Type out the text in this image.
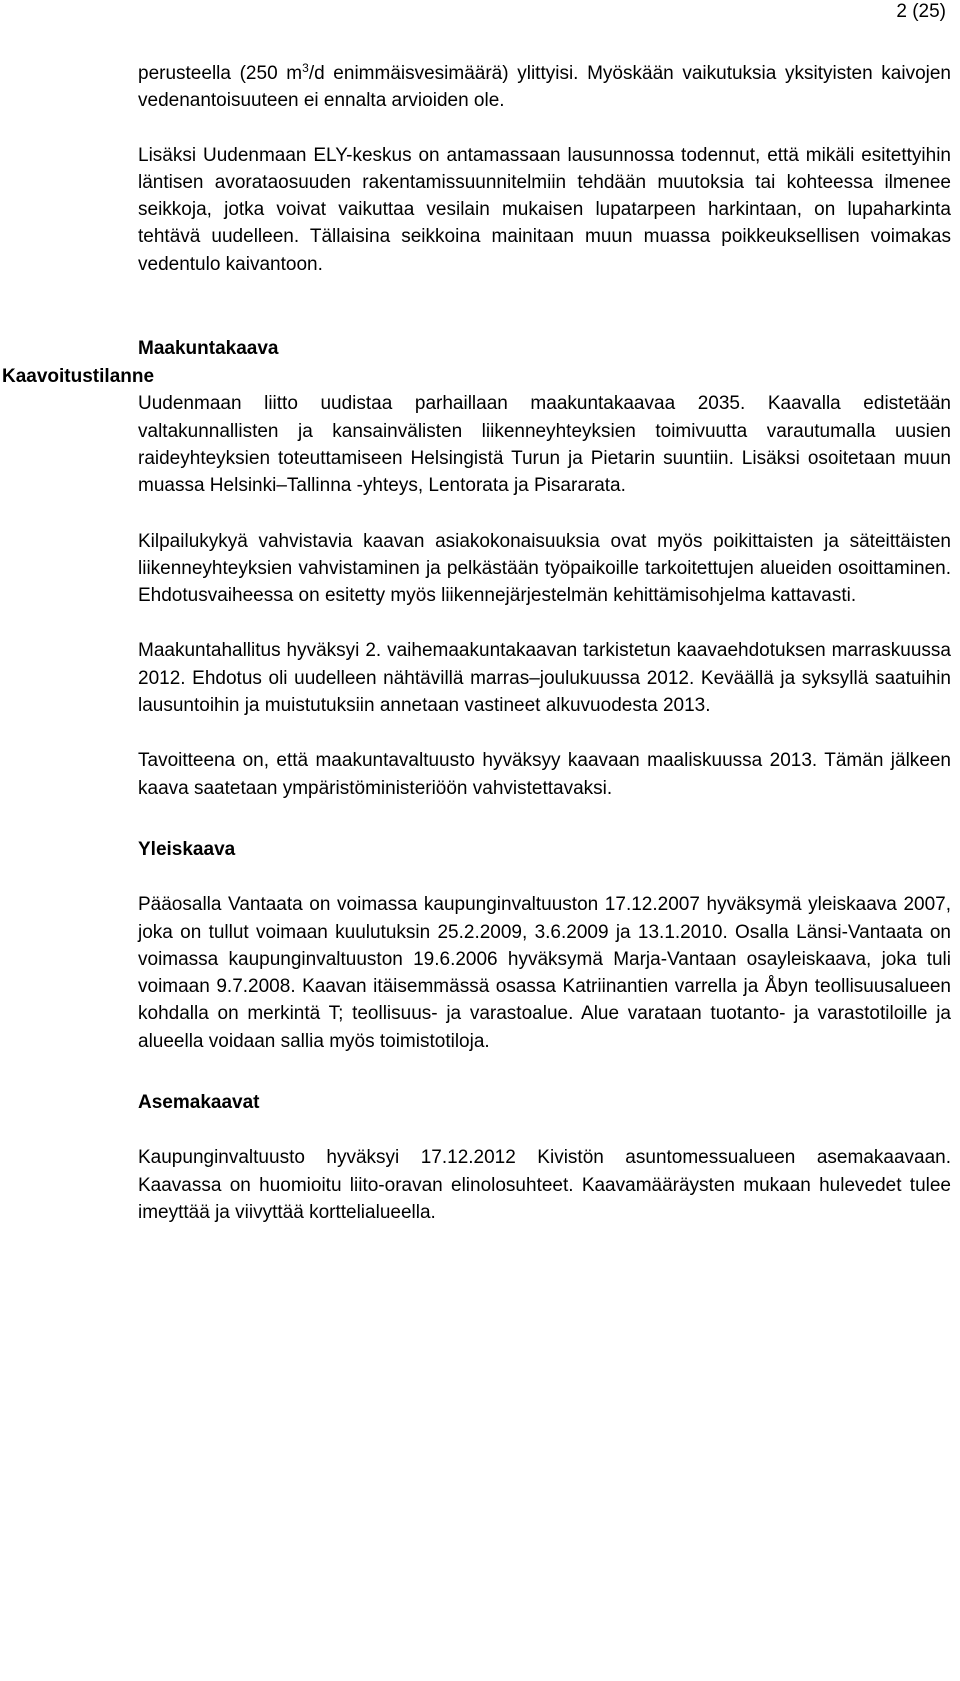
2 (25)
Kaavoitustilanne

perusteella (250 $m^3/d$ enimmäisvesimäärä) ylittyisi. Myöskään vaikutuksia yksityisten kaivojen vedenantoisuuteen ei ennalta arvioiden ole.

Lisäksi Uudenmaan ELY-keskus on antamassaan lausunnossa todennut, että mikäli esitettyihin läntisen avorataosuuden rakentamissuunnitelmiin tehdään muutoksia tai kohteessa ilmenee seikkoja, jotka voivat vaikuttaa vesilain mukaisen lupatarpeen harkintaan, on lupaharkinta tehtävä uudelleen. Tällaisina seikkoina mainitaan muun muassa poikkeuksellisen voimakas vedentulo kaivantoon.

Maakuntakaava

Uudenmaan liitto uudistaa parhaillaan maakuntakaavaa 2035. Kaavalla edistetään valtakunnallisten ja kansainvälisten liikenneyhteyksien toimivuutta varautumalla uusien raideyhteyksien toteuttamiseen Helsingistä Turun ja Pietarin suuntiin. Lisäksi osoitetaan muun muassa Helsinki–Tallinna -yhteys, Lentorata ja Pisararata.

Kilpailukykyä vahvistavia kaavan asiakokonaisuuksia ovat myös poikittaisten ja säteittäisten liikenneyhteyksien vahvistaminen ja pelkästään työpaikoille tarkoitettujen alueiden osoittaminen. Ehdotusvaiheessa on esitetty myös liikennejärjestelmän kehittämisohjelma kattavasti.

Maakuntahallitus hyväksyi 2. vaihemaakuntakaavan tarkistetun kaavaehdotuksen marraskuussa 2012. Ehdotus oli uudelleen nähtävillä marras–joulukuussa 2012. Keväällä ja syksyllä saatuihin lausuntoihin ja muistutuksiin annetaan vastineet alkuvuodesta 2013.

Tavoitteena on, että maakuntavaltuusto hyväksyy kaavaan maaliskuussa 2013. Tämän jälkeen kaava saatetaan ympäristöministeriöön vahvistettavaksi.

Yleiskaava

Pääosalla Vantaata on voimassa kaupunginvaltuuston 17.12.2007 hyväksymä yleiskaava 2007, joka on tullut voimaan kuulutuksin 25.2.2009, 3.6.2009 ja 13.1.2010. Osalla Länsi-Vantaata on voimassa kaupunginvaltuuston 19.6.2006 hyväksymä Marja-Vantaan osayleiskaava, joka tuli voimaan 9.7.2008. Kaavan itäisemmässä osassa Katriinantien varrella ja Åbyn teollisuusalueen kohdalla on merkintä T; teollisuus- ja varastoalue. Alue varataan tuotanto- ja varastotiloille ja alueella voidaan sallia myös toimistotiloja.

Asemakaavat

Kaupunginvaltuusto hyväksyi 17.12.2012 Kivistön asuntomessualueen asemakaavaan. Kaavassa on huomioitu liito-oravan elinolosuhteet. Kaavamääräysten mukaan hulevedet tulee imeyttää ja viivyttää korttelialueella.
